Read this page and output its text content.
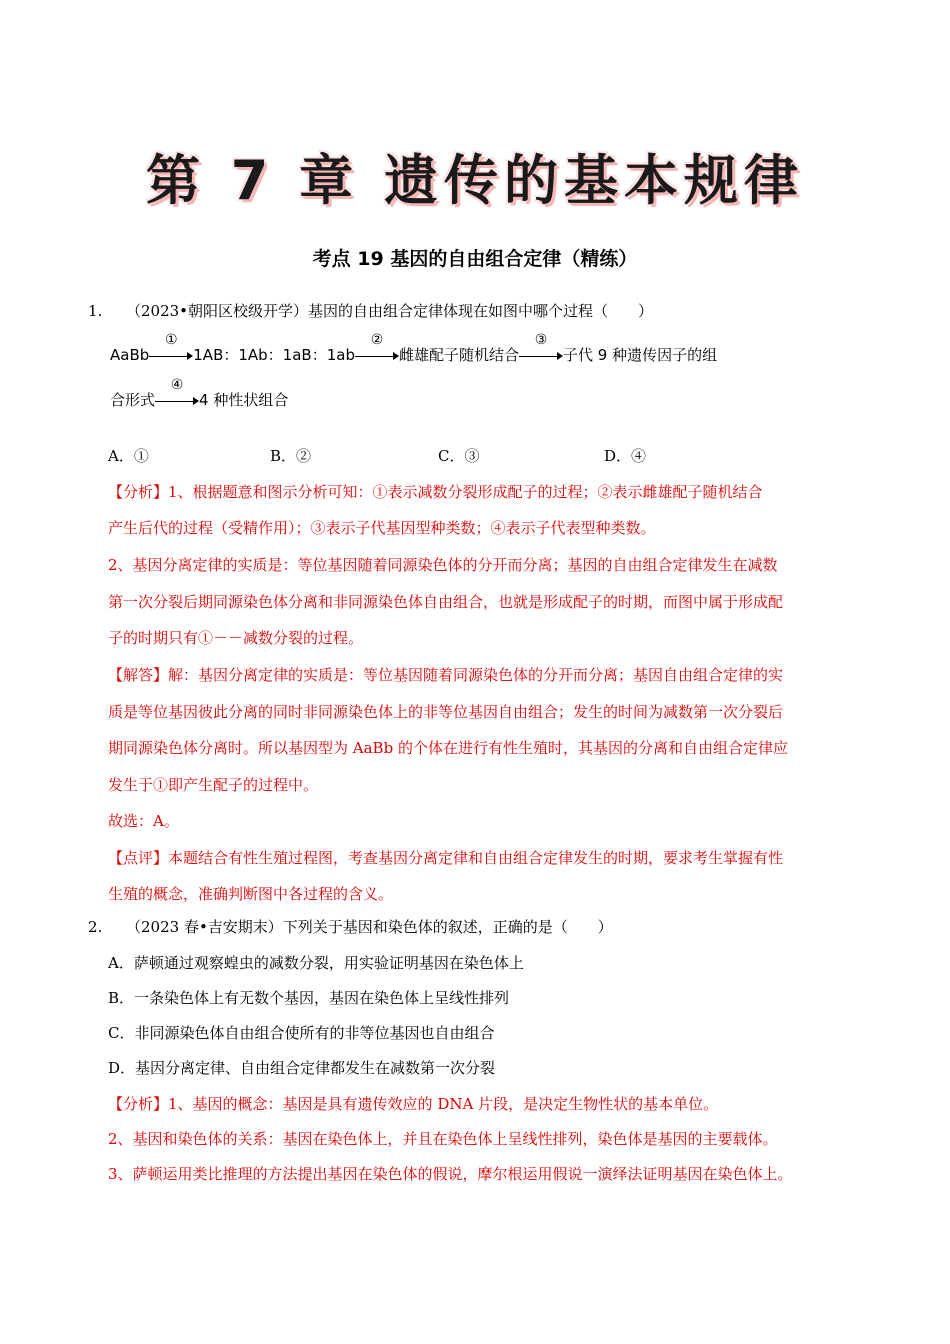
第 7 章 遗传的基本规律
考点 19 基因的自由组合定律（精练）
1. （2023•朝阳区校级开学）基因的自由组合定律体现在如图中哪个过程（　　）
AaBb
①
1AB：1Ab：1aB：1ab
②
雌雄配子随机结合
③
子代 9 种遗传因子的组
合形式
④
4 种性状组合
A．①	B．②	C．③	D．④
【分析】1、根据题意和图示分析可知：①表示减数分裂形成配子的过程；②表示雌雄配子随机结合
产生后代的过程（受精作用）；③表示子代基因型种类数；④表示子代表型种类数。
2、基因分离定律的实质是：等位基因随着同源染色体的分开而分离；基因的自由组合定律发生在减数
第一次分裂后期同源染色体分离和非同源染色体自由组合，也就是形成配子的时期，而图中属于形成配
子的时期只有①－－减数分裂的过程。
【解答】解：基因分离定律的实质是：等位基因随着同源染色体的分开而分离；基因自由组合定律的实
质是等位基因彼此分离的同时非同源染色体上的非等位基因自由组合；发生的时间为减数第一次分裂后
期同源染色体分离时。所以基因型为 AaBb 的个体在进行有性生殖时，其基因的分离和自由组合定律应
发生于①即产生配子的过程中。
故选：A。
【点评】本题结合有性生殖过程图，考查基因分离定律和自由组合定律发生的时期，要求考生掌握有性
生殖的概念，准确判断图中各过程的含义。
2. （2023 春•吉安期末）下列关于基因和染色体的叙述，正确的是（　　）
A．萨顿通过观察蝗虫的减数分裂，用实验证明基因在染色体上
B．一条染色体上有无数个基因，基因在染色体上呈线性排列
C．非同源染色体自由组合使所有的非等位基因也自由组合
D．基因分离定律、自由组合定律都发生在减数第一次分裂
【分析】1、基因的概念：基因是具有遗传效应的 DNA 片段，是决定生物性状的基本单位。
2、基因和染色体的关系：基因在染色体上，并且在染色体上呈线性排列，染色体是基因的主要载体。
3、萨顿运用类比推理的方法提出基因在染色体的假说，摩尔根运用假说一演绎法证明基因在染色体上。
